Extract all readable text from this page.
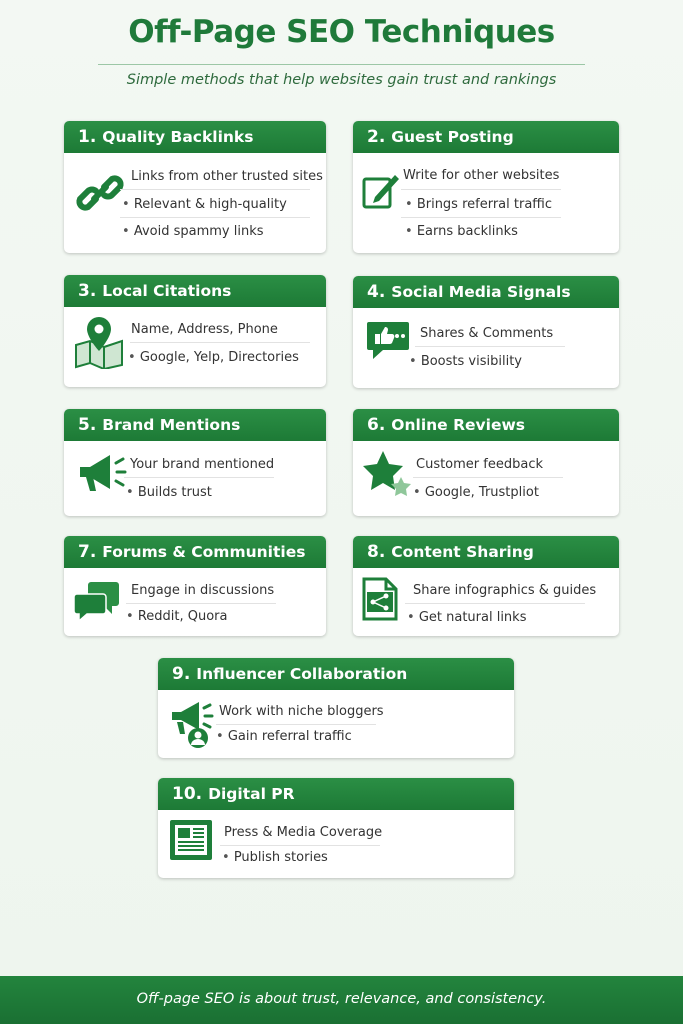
Off-Page SEO Techniques
Simple methods that help websites gain trust and rankings
1. Quality Backlinks
Links from other trusted sites
• Relevant & high-quality
• Avoid spammy links
2. Guest Posting
Write for other websites
• Brings referral traffic
• Earns backlinks
3. Local Citations
Name, Address, Phone
• Google, Yelp, Directories
4. Social Media Signals
Shares & Comments
• Boosts visibility
5. Brand Mentions
Your brand mentioned
• Builds trust
6. Online Reviews
Customer feedback
• Google, Trustpliot
7. Forums & Communities
Engage in discussions
• Reddit, Quora
8. Content Sharing
Share infographics & guides
• Get natural links
9. Influencer Collaboration
Work with niche bloggers
• Gain referral traffic
10. Digital PR
Press & Media Coverage
• Publish stories
Off-page SEO is about trust, relevance, and consistency.
